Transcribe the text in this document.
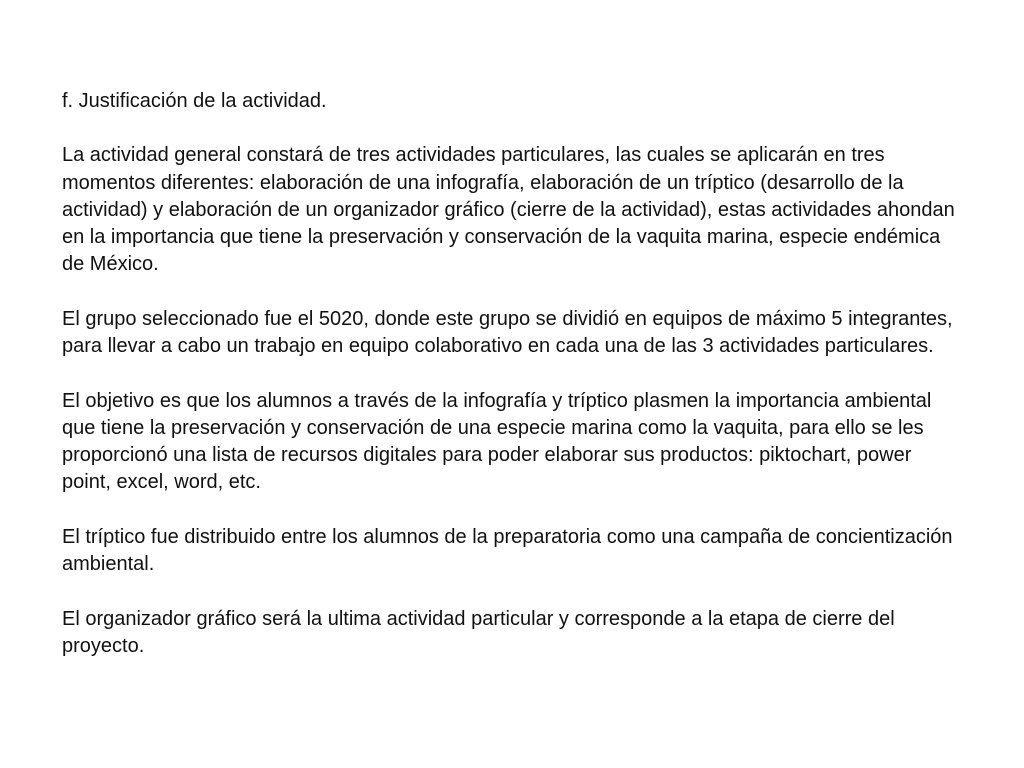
f. Justificación de la actividad.

La actividad general constará de tres actividades particulares, las cuales se aplicarán en tres momentos diferentes: elaboración de una infografía, elaboración de un tríptico (desarrollo de la actividad) y elaboración de un organizador gráfico (cierre de la actividad), estas actividades ahondan en la importancia que tiene la preservación y conservación de la vaquita marina, especie endémica de México.

El grupo seleccionado fue el 5020, donde este grupo se dividió en equipos de máximo 5 integrantes, para llevar a cabo un trabajo en equipo colaborativo en cada una de las 3 actividades particulares.

El objetivo es que los alumnos a través de la infografía y tríptico plasmen la importancia ambiental que tiene la preservación y conservación de una especie marina como la vaquita, para ello se les proporcionó una lista de recursos digitales para poder elaborar sus productos: piktochart, power point, excel, word, etc.

El tríptico fue distribuido entre los alumnos de la preparatoria como una campaña de concientización ambiental.

El organizador gráfico será la ultima actividad particular y corresponde a la etapa de cierre del proyecto.
